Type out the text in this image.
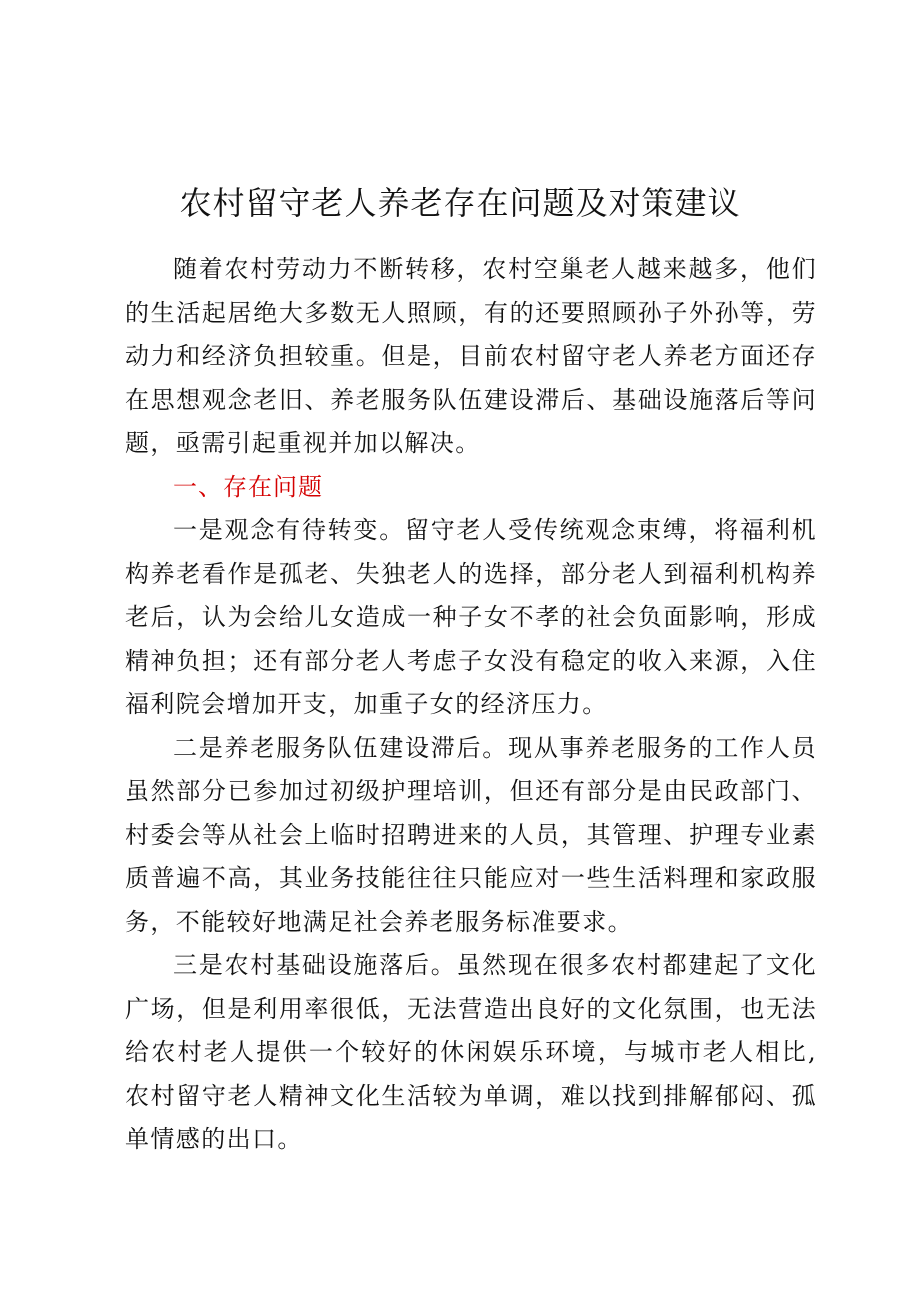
农村留守老人养老存在问题及对策建议

随着农村劳动力不断转移，农村空巢老人越来越多，他们的生活起居绝大多数无人照顾，有的还要照顾孙子外孙等，劳动力和经济负担较重。但是，目前农村留守老人养老方面还存在思想观念老旧、养老服务队伍建设滞后、基础设施落后等问题，亟需引起重视并加以解决。

一、存在问题

一是观念有待转变。留守老人受传统观念束缚，将福利机构养老看作是孤老、失独老人的选择，部分老人到福利机构养老后，认为会给儿女造成一种子女不孝的社会负面影响，形成精神负担；还有部分老人考虑子女没有稳定的收入来源，入住福利院会增加开支，加重子女的经济压力。

二是养老服务队伍建设滞后。现从事养老服务的工作人员虽然部分已参加过初级护理培训，但还有部分是由民政部门、村委会等从社会上临时招聘进来的人员，其管理、护理专业素质普遍不高，其业务技能往往只能应对一些生活料理和家政服务，不能较好地满足社会养老服务标准要求。

三是农村基础设施落后。虽然现在很多农村都建起了文化广场，但是利用率很低，无法营造出良好的文化氛围，也无法给农村老人提供一个较好的休闲娱乐环境，与城市老人相比,农村留守老人精神文化生活较为单调，难以找到排解郁闷、孤单情感的出口。
